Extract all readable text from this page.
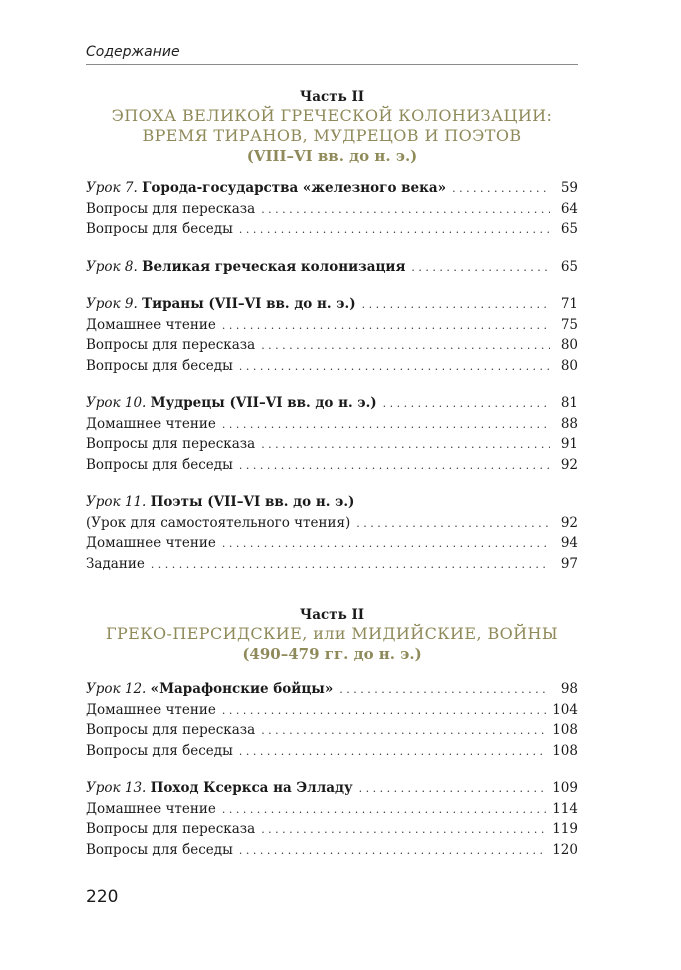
Содержание
Часть II
ЭПОХА ВЕЛИКОЙ ГРЕЧЕСКОЙ КОЛОНИЗАЦИИ:
ВРЕМЯ ТИРАНОВ, МУДРЕЦОВ И ПОЭТОВ
(VIII–VI вв. до н. э.)
Урок 7. Города-государства «железного века» . . .	59
Вопросы для пересказа . . .	64
Вопросы для беседы . . .	65
Урок 8. Великая греческая колонизация . . .	65
Урок 9. Тираны (VII–VI вв. до н. э.) . . .	71
Домашнее чтение . . .	75
Вопросы для пересказа . . .	80
Вопросы для беседы . . .	80
Урок 10. Мудрецы (VII–VI вв. до н. э.) . . .	81
Домашнее чтение . . .	88
Вопросы для пересказа . . .	91
Вопросы для беседы . . .	92
Урок 11. Поэты (VII–VI вв. до н. э.)
(Урок для самостоятельного чтения) . . .	92
Домашнее чтение . . .	94
Задание . . .	97
Часть II
ГРЕКО-ПЕРСИДСКИЕ, или МИДИЙСКИЕ, ВОЙНЫ
(490–479 гг. до н. э.)
Урок 12. «Марафонские бойцы» . . .	98
Домашнее чтение . . .	104
Вопросы для пересказа . . .	108
Вопросы для беседы . . .	108
Урок 13. Поход Ксеркса на Элладу . . .	109
Домашнее чтение . . .	114
Вопросы для пересказа . . .	119
Вопросы для беседы . . .	120
220
